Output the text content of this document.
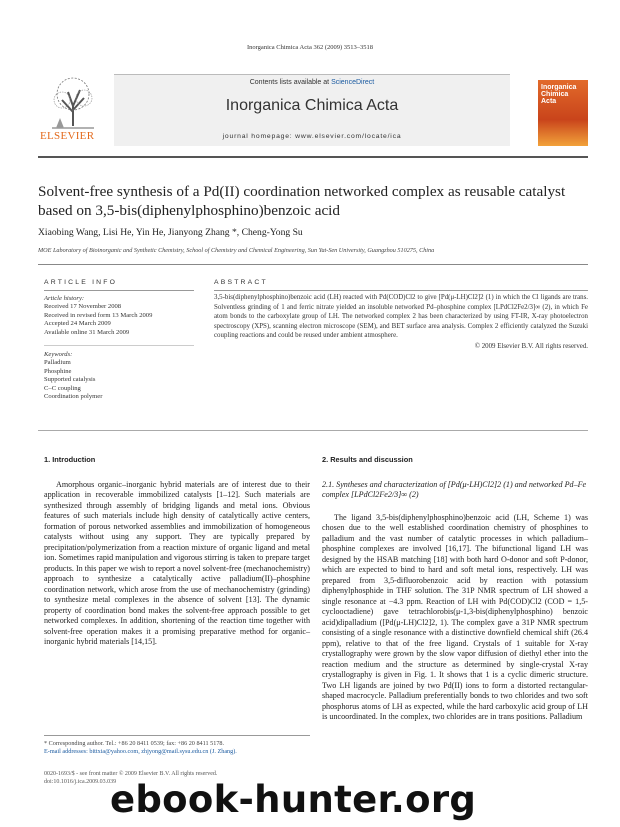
Inorganica Chimica Acta 362 (2009) 3513–3518
ELSEVIER
Contents lists available at ScienceDirect
Inorganica Chimica Acta
journal homepage: www.elsevier.com/locate/ica
Inorganica Chimica Acta
Solvent-free synthesis of a Pd(II) coordination networked complex as reusable catalyst based on 3,5-bis(diphenylphosphino)benzoic acid
Xiaobing Wang, Lisi He, Yin He, Jianyong Zhang *, Cheng-Yong Su
MOE Laboratory of Bioinorganic and Synthetic Chemistry, School of Chemistry and Chemical Engineering, Sun Yat-Sen University, Guangzhou 510275, China
ARTICLE INFO	ABSTRACT
Article history:
Received 17 November 2008
Received in revised form 13 March 2009
Accepted 24 March 2009
Available online 31 March 2009
Keywords:
Palladium
Phosphine
Supported catalysis
C–C coupling
Coordination polymer
3,5-bis(diphenylphosphino)benzoic acid (LH) reacted with Pd(COD)Cl2 to give [Pd(μ-LH)Cl2]2 (1) in which the Cl ligands are trans. Solventless grinding of 1 and ferric nitrate yielded an insoluble networked Pd–phosphine complex [LPdCl2Fe2/3]∞ (2), in which Fe atom bonds to the carboxylate group of LH. The networked complex 2 has been characterized by using FT-IR, X-ray photoelectron spectroscopy (XPS), scanning electron microscope (SEM), and BET surface area analysis. Complex 2 efficiently catalyzed the Suzuki coupling reactions and could be reused under ambient atmosphere.
© 2009 Elsevier B.V. All rights reserved.
1. Introduction
Amorphous organic–inorganic hybrid materials are of interest due to their application in recoverable immobilized catalysts [1–12]. Such materials are synthesized through assembly of bridging ligands and metal ions. Obvious features of such materials include high density of catalytically active centers, formation of porous networked assemblies and immobilization of homogeneous catalysts without using any support. They are typically prepared by precipitation/polymerization from a reaction mixture of organic ligand and metal ion. Sometimes rapid manipulation and vigorous stirring is taken to prepare target products. In this paper we wish to report a novel solvent-free (mechanochemistry) approach to synthesize a catalytically active palladium(II)–phosphine coordination network, which arose from the use of mechanochemistry (grinding) to synthesize metal complexes in the absence of solvent [13]. The dynamic property of coordination bond makes the solvent-free approach possible to get networked complexes. In addition, shortening of the reaction time together with solvent-free operation makes it a promising preparative method for organic–inorganic hybrid materials [14,15].
2. Results and discussion
2.1. Syntheses and characterization of [Pd(μ-LH)Cl2]2 (1) and networked Pd–Fe complex [LPdCl2Fe2/3]∞ (2)
The ligand 3,5-bis(diphenylphosphino)benzoic acid (LH, Scheme 1) was chosen due to the well established coordination chemistry of phosphines to palladium and the vast number of catalytic processes in which palladium–phosphine complexes are involved [16,17]. The bifunctional ligand LH was designed by the HSAB matching [18] with both hard O-donor and soft P-donor, which are expected to bind to hard and soft metal ions, respectively. LH was prepared from 3,5-difluorobenzoic acid by reaction with potassium diphenylphosphide in THF solution. The 31P NMR spectrum of LH showed a single resonance at −4.3 ppm. Reaction of LH with Pd(COD)Cl2 (COD = 1,5-cyclooctadiene) gave tetrachlorobis(μ-1,3-bis(diphenylphosphino) benzoic acid)dipalladium ([Pd(μ-LH)Cl2]2, 1). The complex gave a 31P NMR spectrum consisting of a single resonance with a distinctive downfield chemical shift (26.4 ppm), relative to that of the free ligand. Crystals of 1 suitable for X-ray crystallography were grown by the slow vapor diffusion of diethyl ether into the reaction medium and the structure as determined by single-crystal X-ray crystallography is given in Fig. 1. It shows that 1 is a cyclic dimeric structure. Two LH ligands are joined by two Pd(II) ions to form a distorted rectangular-shaped macrocycle. Palladium preferentially bonds to two chlorides and two soft phosphorus atoms of LH as expected, while the hard carboxylic acid group of LH is uncoordinated. In the complex, two chlorides are in trans positions. Palladium
* Corresponding author. Tel.: +86 20 8411 0539; fax: +86 20 8411 5178.
E-mail addresses: bittxia@yahoo.com, zhjyong@mail.sysu.edu.cn (J. Zhang).
0020-1693/$ - see front matter © 2009 Elsevier B.V. All rights reserved.
doi:10.1016/j.ica.2009.03.039
ebook-hunter.org
